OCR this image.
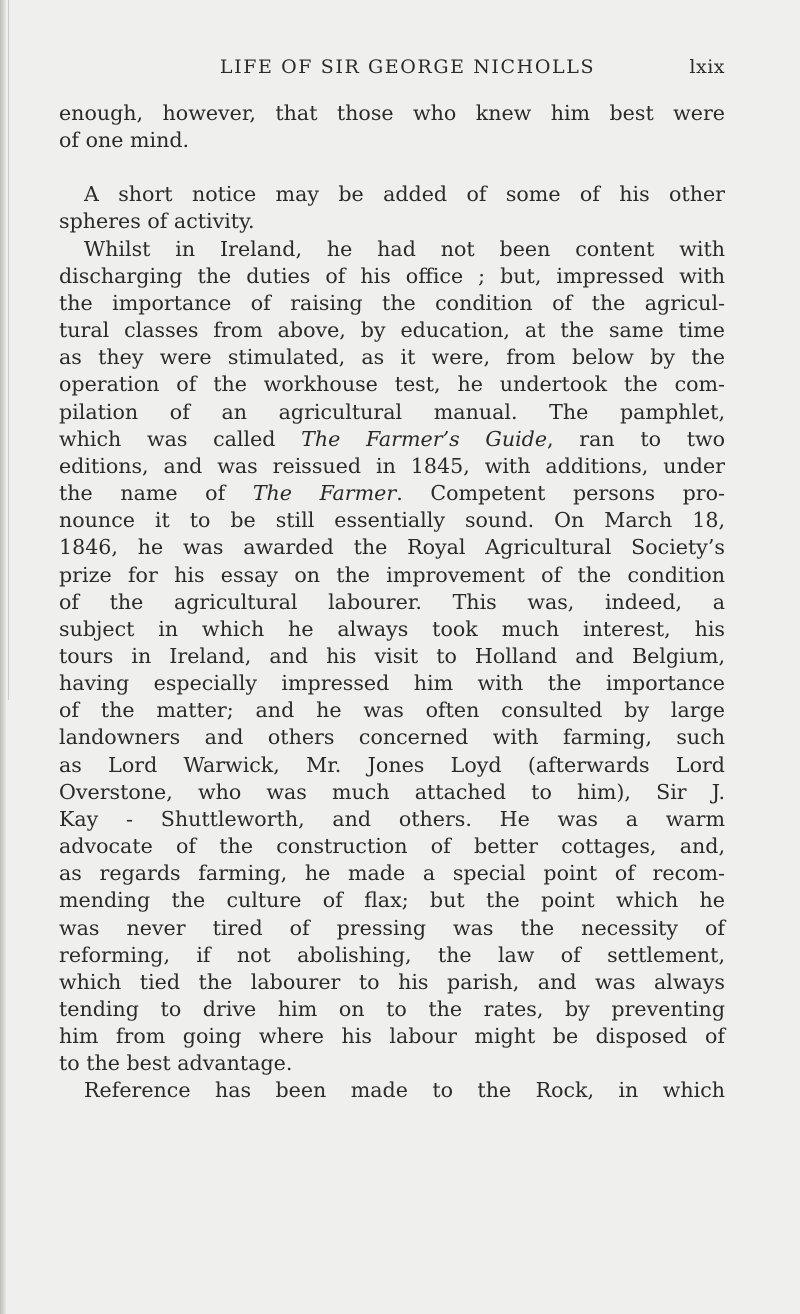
LIFE OF SIR GEORGE NICHOLLS	lxix
enough, however, that those who knew him best were
of one mind.
A short notice may be added of some of his other
spheres of activity.
Whilst in Ireland, he had not been content with
discharging the duties of his office ; but, impressed with
the importance of raising the condition of the agricul-
tural classes from above, by education, at the same time
as they were stimulated, as it were, from below by the
operation of the workhouse test, he undertook the com-
pilation of an agricultural manual. The pamphlet,
which was called The Farmer’s Guide, ran to two
editions, and was reissued in 1845, with additions, under
the name of The Farmer. Competent persons pro-
nounce it to be still essentially sound. On March 18,
1846, he was awarded the Royal Agricultural Society’s
prize for his essay on the improvement of the condition
of the agricultural labourer. This was, indeed, a
subject in which he always took much interest, his
tours in Ireland, and his visit to Holland and Belgium,
having especially impressed him with the importance
of the matter; and he was often consulted by large
landowners and others concerned with farming, such
as Lord Warwick, Mr. Jones Loyd (afterwards Lord
Overstone, who was much attached to him), Sir J.
Kay - Shuttleworth, and others. He was a warm
advocate of the construction of better cottages, and,
as regards farming, he made a special point of recom-
mending the culture of flax; but the point which he
was never tired of pressing was the necessity of
reforming, if not abolishing, the law of settlement,
which tied the labourer to his parish, and was always
tending to drive him on to the rates, by preventing
him from going where his labour might be disposed of
to the best advantage.
Reference has been made to the Rock, in which
